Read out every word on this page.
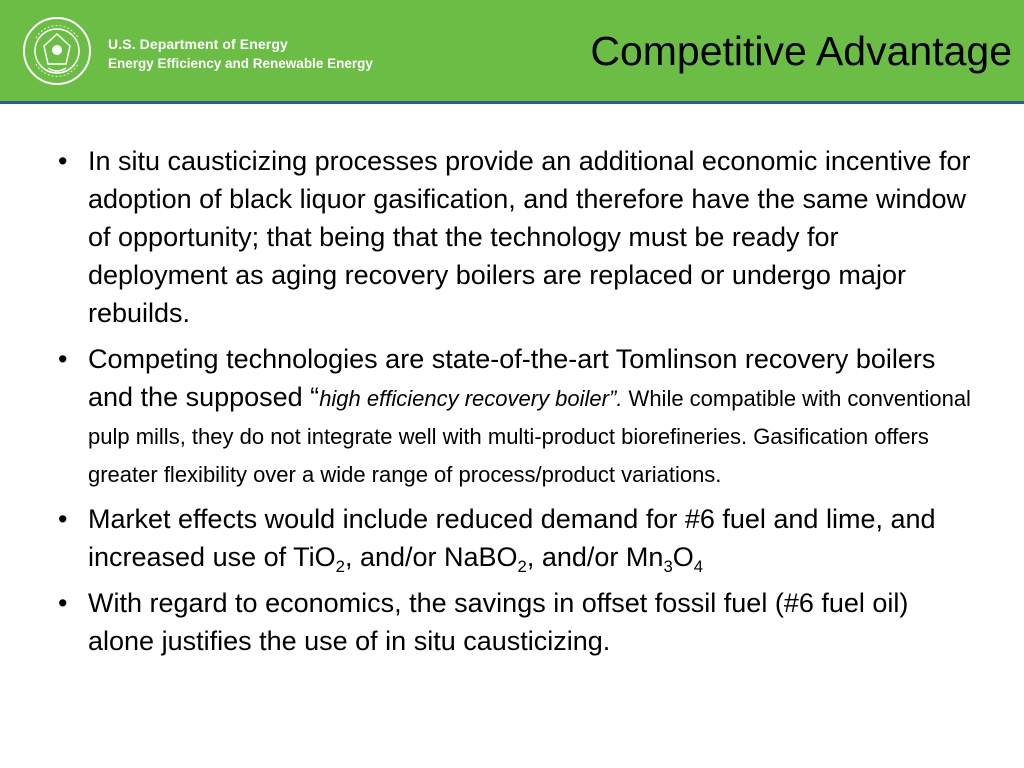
U.S. Department of Energy
Energy Efficiency and Renewable Energy	Competitive Advantage
• In situ causticizing processes provide an additional economic incentive for adoption of black liquor gasification, and therefore have the same window of opportunity; that being that the technology must be ready for deployment as aging recovery boilers are replaced or undergo major rebuilds.
• Competing technologies are state-of-the-art Tomlinson recovery boilers and the supposed “high efficiency recovery boiler”. While compatible with conventional pulp mills, they do not integrate well with multi-product biorefineries. Gasification offers greater flexibility over a wide range of process/product variations.
• Market effects would include reduced demand for #6 fuel and lime, and increased use of TiO$_2$, and/or NaBO$_2$, and/or $Mn_3O_4$
• With regard to economics, the savings in offset fossil fuel (#6 fuel oil) alone justifies the use of in situ causticizing.
